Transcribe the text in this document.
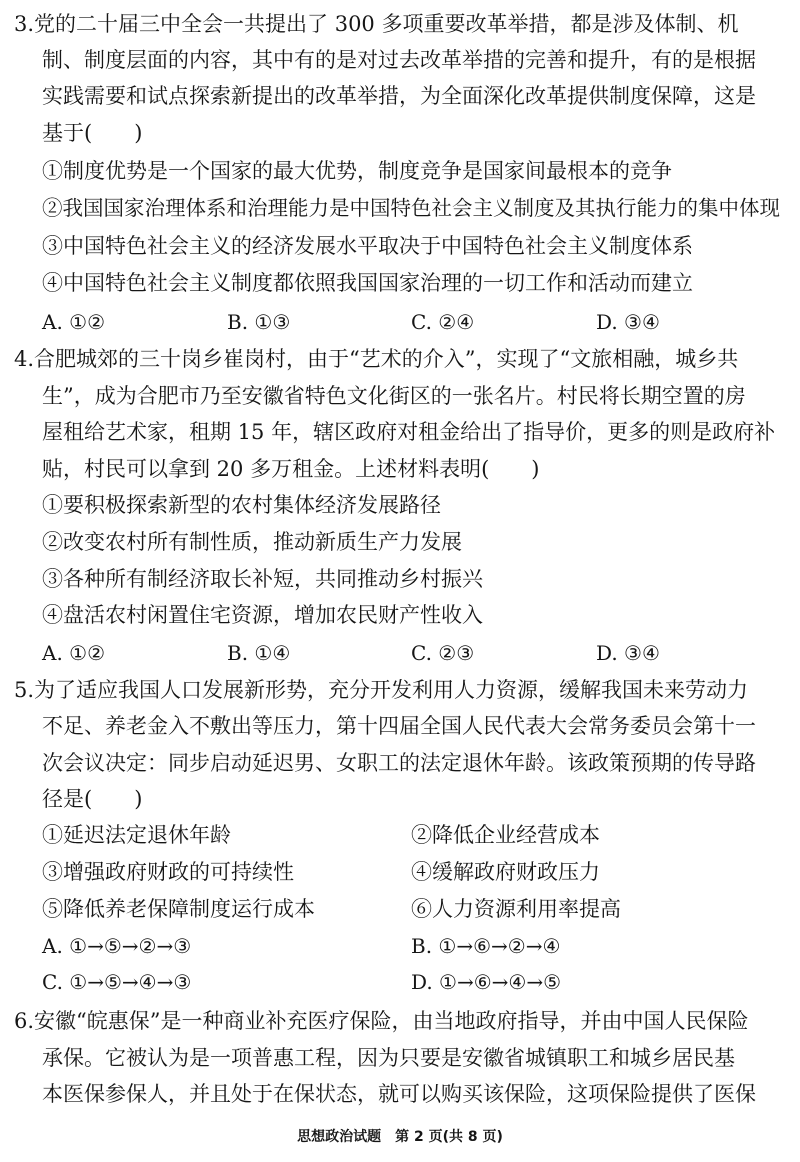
3.党的二十届三中全会一共提出了 300 多项重要改革举措，都是涉及体制、机
制、制度层面的内容，其中有的是对过去改革举措的完善和提升，有的是根据
实践需要和试点探索新提出的改革举措，为全面深化改革提供制度保障，这是
基于(　　)
①制度优势是一个国家的最大优势，制度竞争是国家间最根本的竞争
②我国国家治理体系和治理能力是中国特色社会主义制度及其执行能力的集中体现
③中国特色社会主义的经济发展水平取决于中国特色社会主义制度体系
④中国特色社会主义制度都依照我国国家治理的一切工作和活动而建立
A. ①②	B. ①③	C. ②④	D. ③④
4.合肥城郊的三十岗乡崔岗村，由于“艺术的介入”，实现了“文旅相融，城乡共
生”，成为合肥市乃至安徽省特色文化街区的一张名片。村民将长期空置的房
屋租给艺术家，租期 15 年，辖区政府对租金给出了指导价，更多的则是政府补
贴，村民可以拿到 20 多万租金。上述材料表明(　　)
①要积极探索新型的农村集体经济发展路径
②改变农村所有制性质，推动新质生产力发展
③各种所有制经济取长补短，共同推动乡村振兴
④盘活农村闲置住宅资源，增加农民财产性收入
A. ①②	B. ①④	C. ②③	D. ③④
5.为了适应我国人口发展新形势，充分开发利用人力资源，缓解我国未来劳动力
不足、养老金入不敷出等压力，第十四届全国人民代表大会常务委员会第十一
次会议决定：同步启动延迟男、女职工的法定退休年龄。该政策预期的传导路
径是(　　)
①延迟法定退休年龄	②降低企业经营成本
③增强政府财政的可持续性	④缓解政府财政压力
⑤降低养老保障制度运行成本	⑥人力资源利用率提高
A. ①→⑤→②→③	B. ①→⑥→②→④
C. ①→⑤→④→③	D. ①→⑥→④→⑤
6.安徽“皖惠保”是一种商业补充医疗保险，由当地政府指导，并由中国人民保险
承保。它被认为是一项普惠工程，因为只要是安徽省城镇职工和城乡居民基
本医保参保人，并且处于在保状态，就可以购买该保险，这项保险提供了医保
思想政治试题　第 2 页(共 8 页)
